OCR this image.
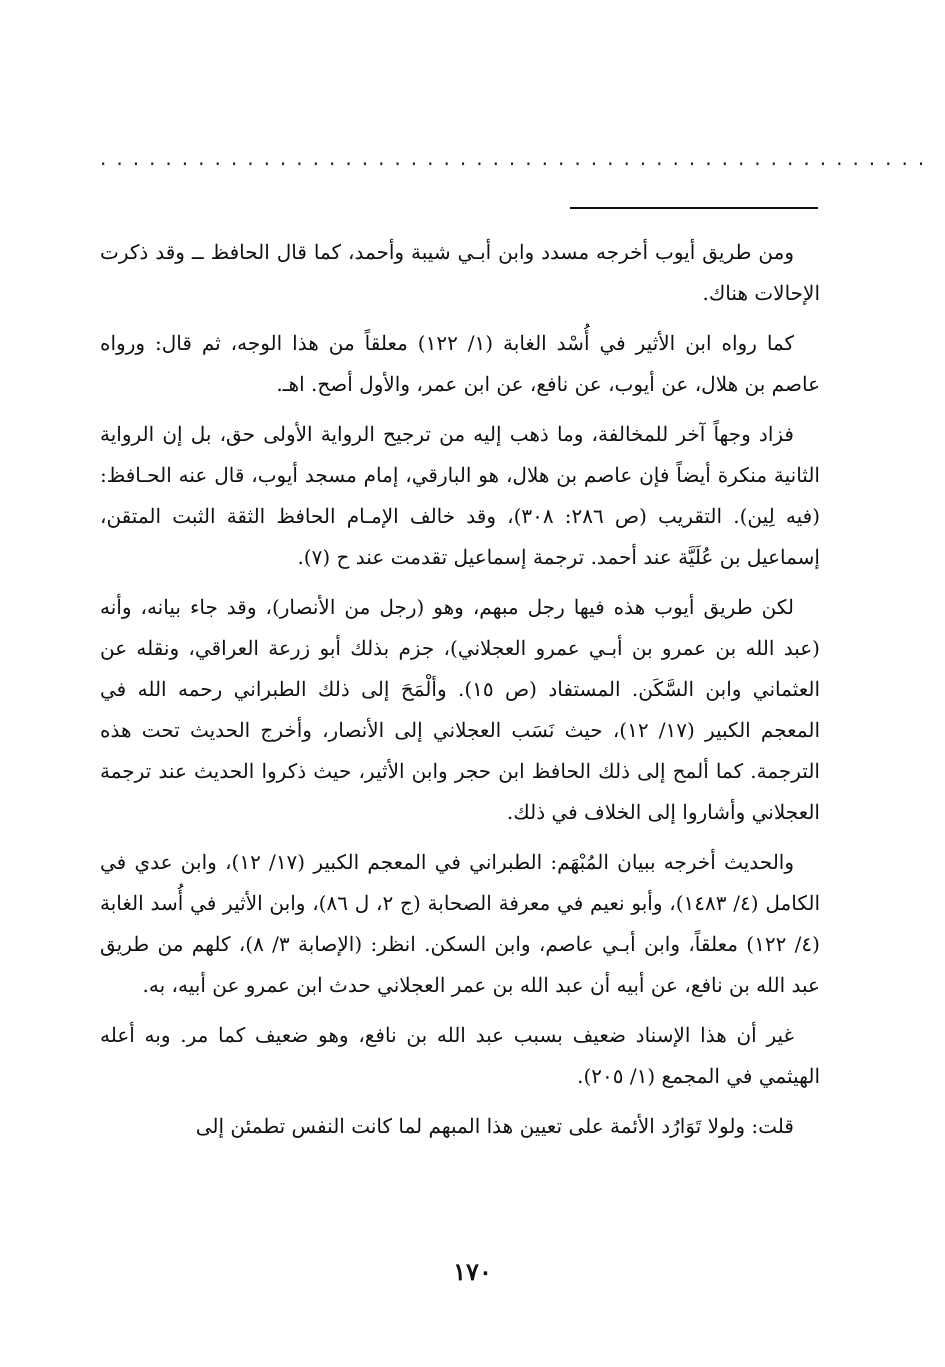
...................................................

ومن طريق أيوب أخرجه مسدد وابن أبـي شيبة وأحمد، كما قال الحافظ ــ وقد ذكرت الإحالات هناك.

كما رواه ابن الأثير في أُسْد الغابة (١/ ١٢٢) معلقاً من هذا الوجه، ثم قال: ورواه عاصم بن هلال، عن أيوب، عن نافع، عن ابن عمر، والأول أصح. اهـ.

فزاد وجهاً آخر للمخالفة، وما ذهب إليه من ترجيح الرواية الأولى حق، بل إن الرواية الثانية منكرة أيضاً فإن عاصم بن هلال، هو البارقي، إمام مسجد أيوب، قال عنه الحـافظ: (فيه لِين). التقريب (ص ٢٨٦: ٣٠٨)، وقد خالف الإمـام الحافظ الثقة الثبت المتقن، إسماعيل بن عُلَيَّة عند أحمد. ترجمة إسماعيل تقدمت عند ح (٧).

لكن طريق أيوب هذه فيها رجل مبهم، وهو (رجل من الأنصار)، وقد جاء بيانه، وأنه (عبد الله بن عمرو بن أبـي عمرو العجلاني)، جزم بذلك أبو زرعة العراقي، ونقله عن العثماني وابن السَّكَن. المستفاد (ص ١٥). وألْمَحَ إلى ذلك الطبراني رحمه الله في المعجم الكبير (١٧/ ١٢)، حيث نَسَب العجلاني إلى الأنصار، وأخرج الحديث تحت هذه الترجمة. كما ألمح إلى ذلك الحافظ ابن حجر وابن الأثير، حيث ذكروا الحديث عند ترجمة العجلاني وأشاروا إلى الخلاف في ذلك.

والحديث أخرجه ببيان المُبْهَم: الطبراني في المعجم الكبير (١٧/ ١٢)، وابن عدي في الكامل (٤/ ١٤٨٣)، وأبو نعيم في معرفة الصحابة (ج ٢، ل ٨٦)، وابن الأثير في أُسد الغابة (٤/ ١٢٢) معلقاً، وابن أبـي عاصم، وابن السكن. انظر: (الإصابة ٣/ ٨)، كلهم من طريق عبد الله بن نافع، عن أبيه أن عبد الله بن عمر العجلاني حدث ابن عمرو عن أبيه، به.

غير أن هذا الإسناد ضعيف بسبب عبد الله بن نافع، وهو ضعيف كما مر. وبه أعله الهيثمي في المجمع (١/ ٢٠٥).

قلت: ولولا تَوَارُد الأئمة على تعيين هذا المبهم لما كانت النفس تطمئن إلى

١٧٠
